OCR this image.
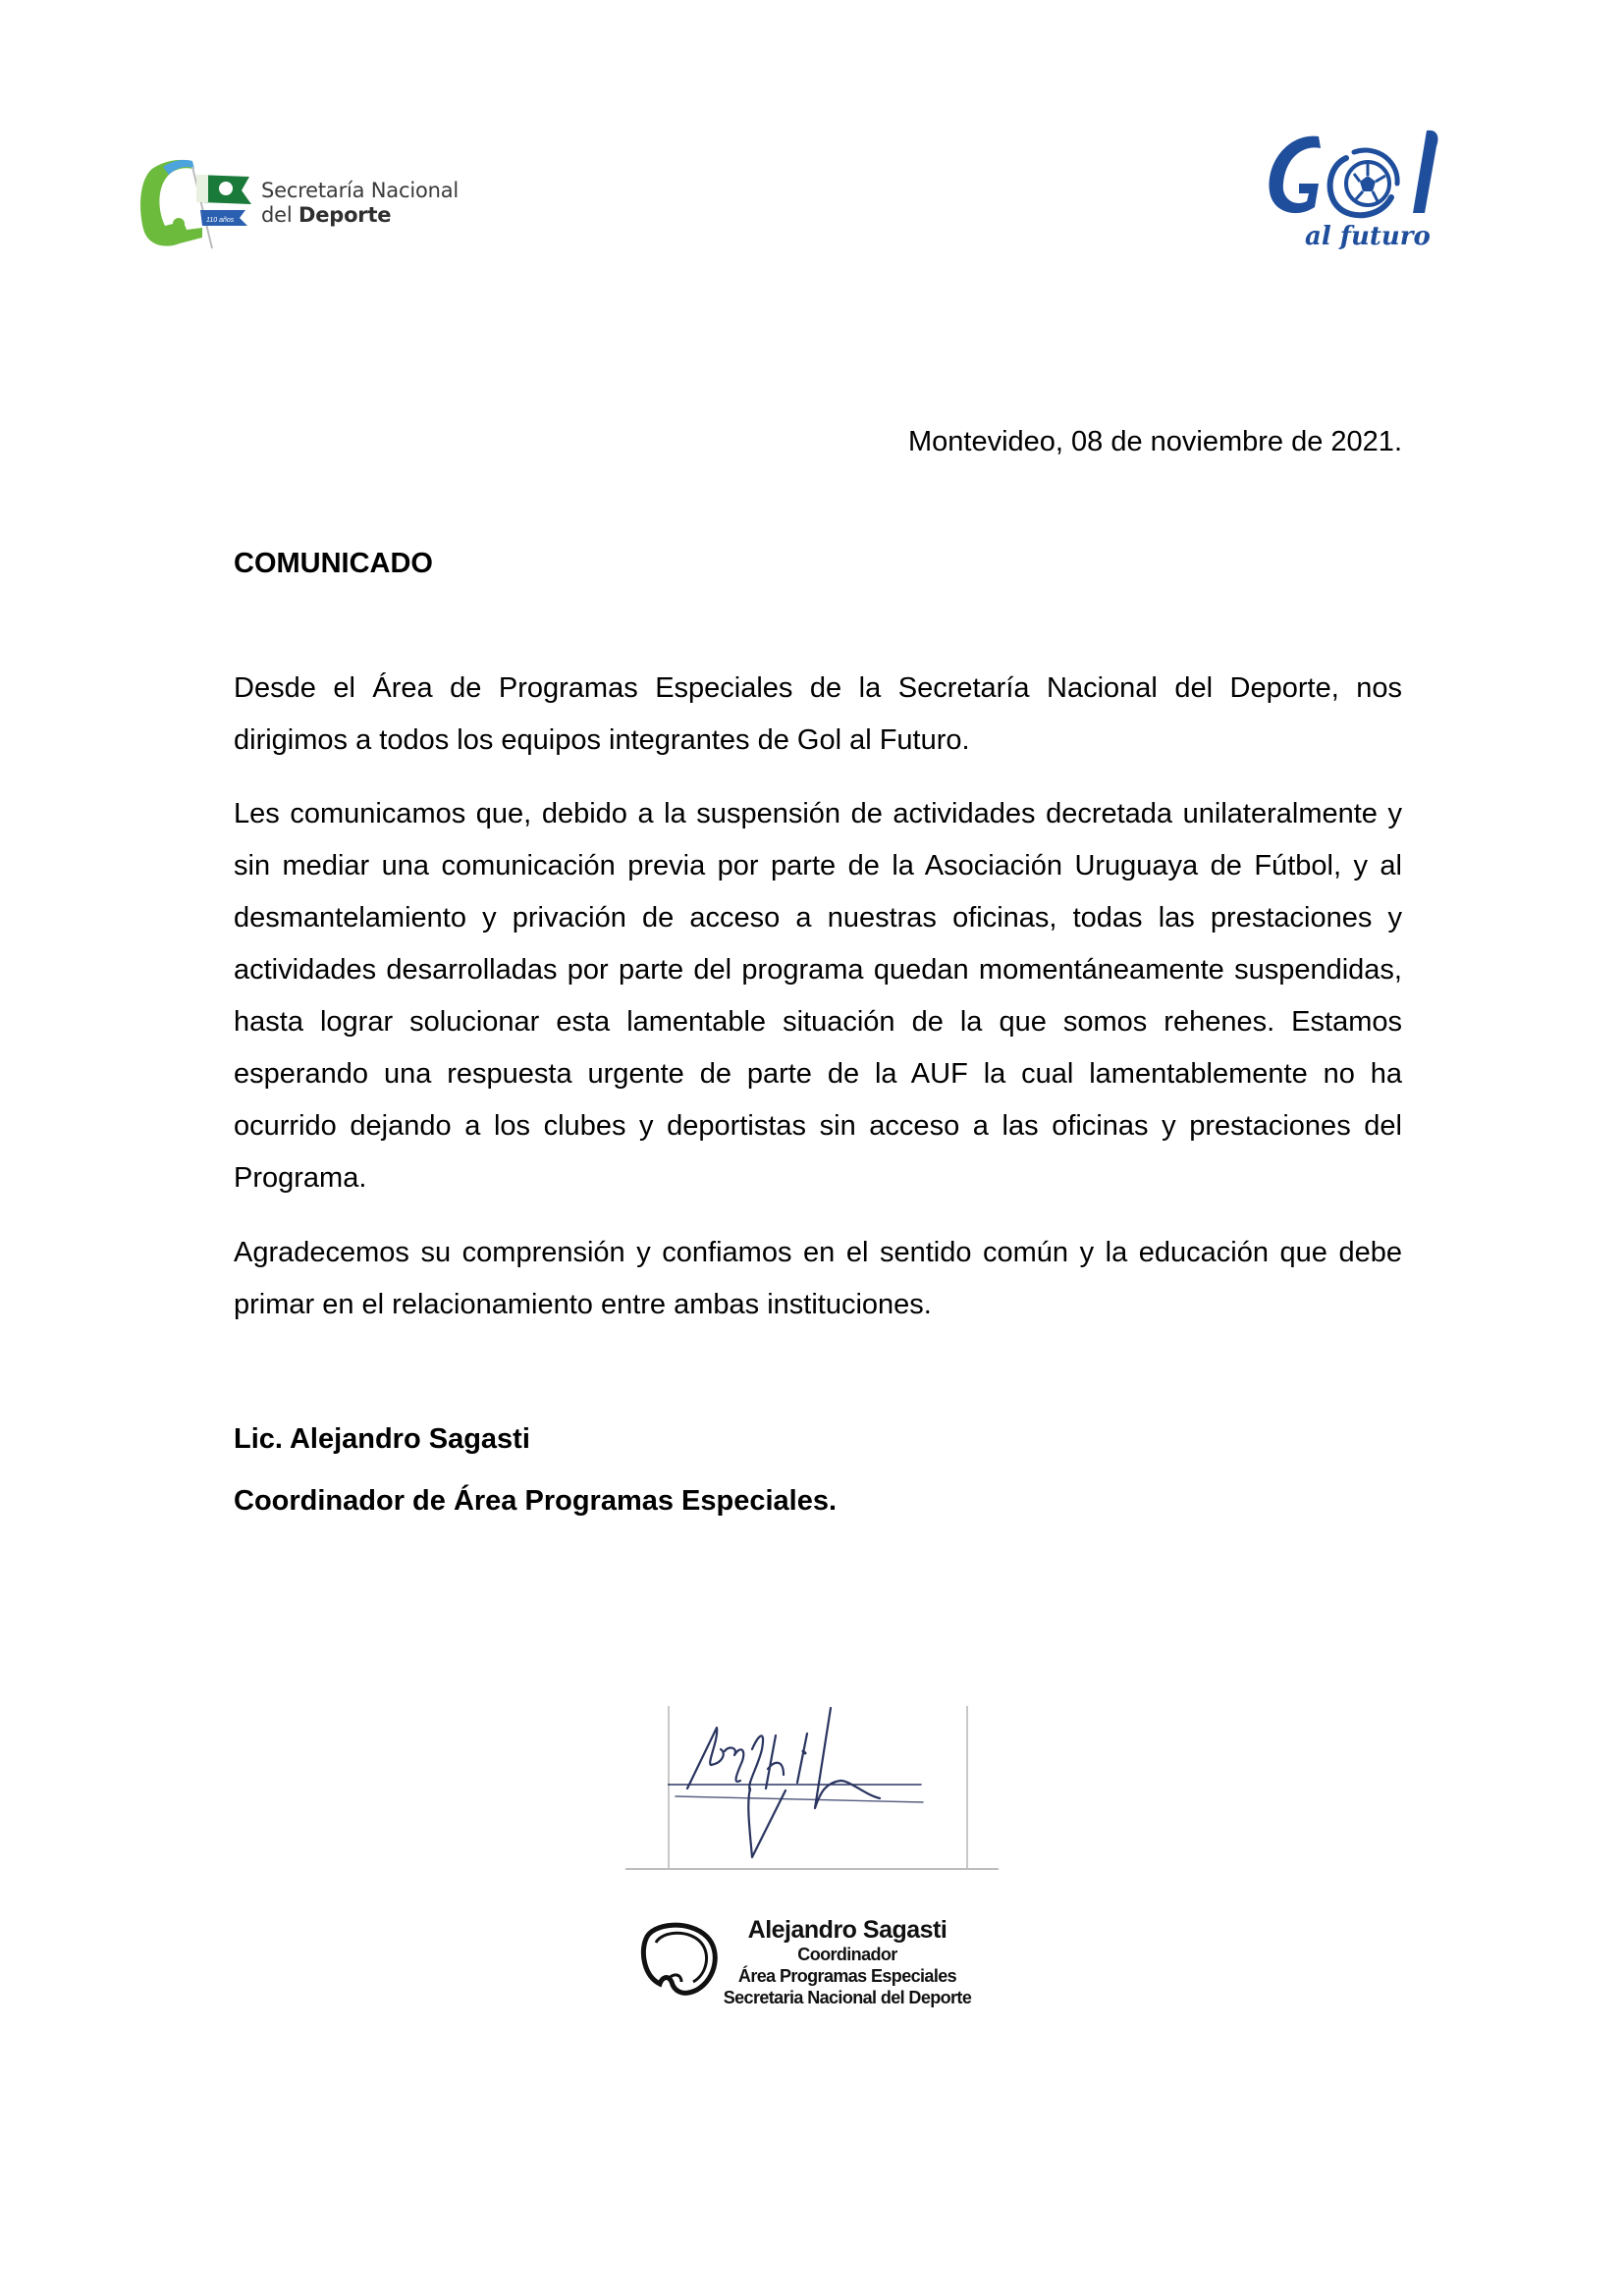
110 años
Secretaría Nacional
del Deporte
al futuro
Montevideo, 08 de noviembre de 2021.
COMUNICADO

Desde el Área de Programas Especiales de la Secretaría Nacional del Deporte, nos dirigimos a todos los equipos integrantes de Gol al Futuro.

Les comunicamos que, debido a la suspensión de actividades decretada unilateralmente y sin mediar una comunicación previa por parte de la Asociación Uruguaya de Fútbol, y al desmantelamiento y privación de acceso a nuestras oficinas, todas las prestaciones y actividades desarrolladas por parte del programa quedan momentáneamente suspendidas, hasta lograr solucionar esta lamentable situación de la que somos rehenes. Estamos esperando una respuesta urgente de parte de la AUF la cual lamentablemente no ha ocurrido dejando a los clubes y deportistas sin acceso a las oficinas y prestaciones del Programa.

Agradecemos su comprensión y confiamos en el sentido común y la educación que debe primar en el relacionamiento entre ambas instituciones.

Lic. Alejandro Sagasti
Coordinador de Área Programas Especiales.
Alejandro Sagasti
Coordinador
Área Programas Especiales
Secretaria Nacional del Deporte
